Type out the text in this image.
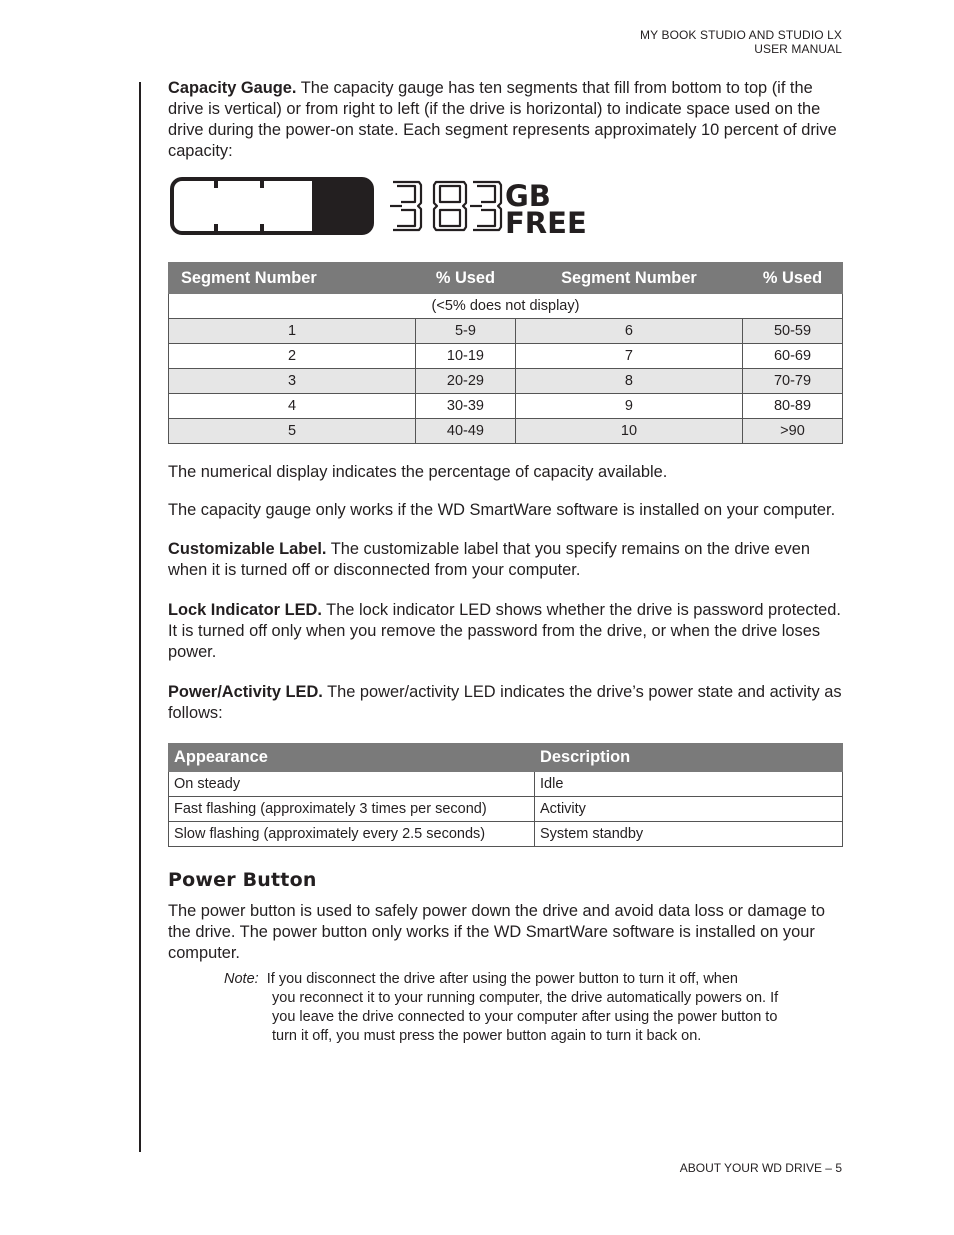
MY BOOK STUDIO AND STUDIO LX
USER MANUAL

Capacity Gauge. The capacity gauge has ten segments that fill from bottom to top (if the drive is vertical) or from right to left (if the drive is horizontal) to indicate space used on the drive during the power-on state. Each segment represents approximately 10 percent of drive capacity:

GB
FREE
Segment Number	% Used	Segment Number	% Used
(<5% does not display)			
1	5-9	6	50-59
2	10-19	7	60-69
3	20-29	8	70-79
4	30-39	9	80-89
5	40-49	10	>90

The numerical display indicates the percentage of capacity available.

The capacity gauge only works if the WD SmartWare software is installed on your computer.

Customizable Label. The customizable label that you specify remains on the drive even when it is turned off or disconnected from your computer.

Lock Indicator LED. The lock indicator LED shows whether the drive is password protected. It is turned off only when you remove the password from the drive, or when the drive loses power.

Power/Activity LED. The power/activity LED indicates the drive’s power state and activity as follows:

Appearance	Description
On steady	Idle
Fast flashing (approximately 3 times per second)	Activity
Slow flashing (approximately every 2.5 seconds)	System standby
Power Button

The power button is used to safely power down the drive and avoid data loss or damage to the drive. The power button only works if the WD SmartWare software is installed on your computer.

Note: If you disconnect the drive after using the power button to turn it off, when
you reconnect it to your running computer, the drive automatically powers on. If you leave the drive connected to your computer after using the power button to turn it off, you must press the power button again to turn it back on.
ABOUT YOUR WD DRIVE – 5
